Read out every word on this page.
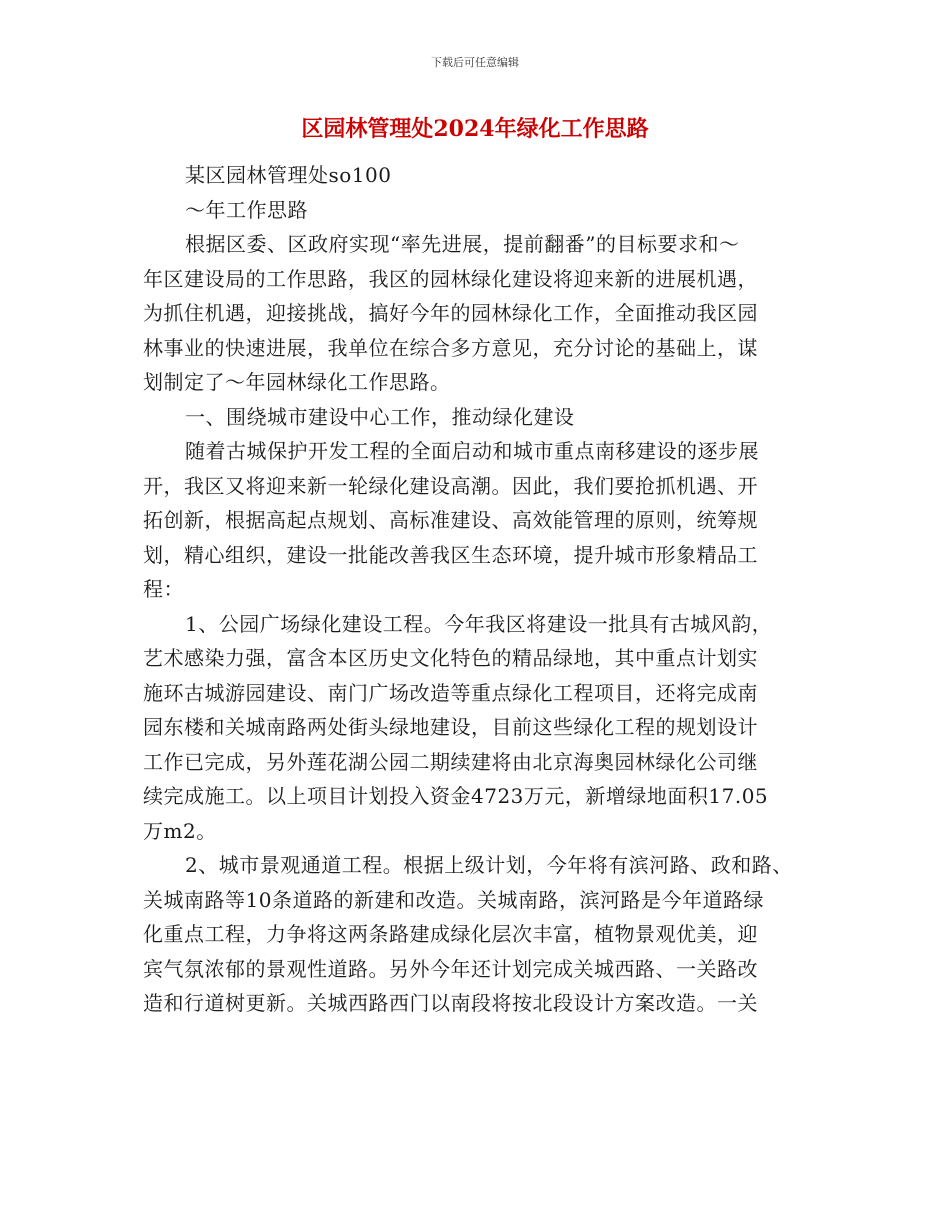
下载后可任意编辑
区园林管理处2024年绿化工作思路
某区园林管理处so100
～年工作思路
根据区委、区政府实现“率先进展，提前翻番”的目标要求和～
年区建设局的工作思路，我区的园林绿化建设将迎来新的进展机遇，
为抓住机遇，迎接挑战，搞好今年的园林绿化工作，全面推动我区园
林事业的快速进展，我单位在综合多方意见，充分讨论的基础上，谋
划制定了～年园林绿化工作思路。
一、围绕城市建设中心工作，推动绿化建设
随着古城保护开发工程的全面启动和城市重点南移建设的逐步展
开，我区又将迎来新一轮绿化建设高潮。因此，我们要抢抓机遇、开
拓创新，根据高起点规划、高标准建设、高效能管理的原则，统筹规
划，精心组织，建设一批能改善我区生态环境，提升城市形象精品工
程：
1、公园广场绿化建设工程。今年我区将建设一批具有古城风韵，
艺术感染力强，富含本区历史文化特色的精品绿地，其中重点计划实
施环古城游园建设、南门广场改造等重点绿化工程项目，还将完成南
园东楼和关城南路两处街头绿地建设，目前这些绿化工程的规划设计
工作已完成，另外莲花湖公园二期续建将由北京海奥园林绿化公司继
续完成施工。以上项目计划投入资金4723万元，新增绿地面积17.05
万m2。
2、城市景观通道工程。根据上级计划，今年将有滨河路、政和路、
关城南路等10条道路的新建和改造。关城南路，滨河路是今年道路绿
化重点工程，力争将这两条路建成绿化层次丰富，植物景观优美，迎
宾气氛浓郁的景观性道路。另外今年还计划完成关城西路、一关路改
造和行道树更新。关城西路西门以南段将按北段设计方案改造。一关
